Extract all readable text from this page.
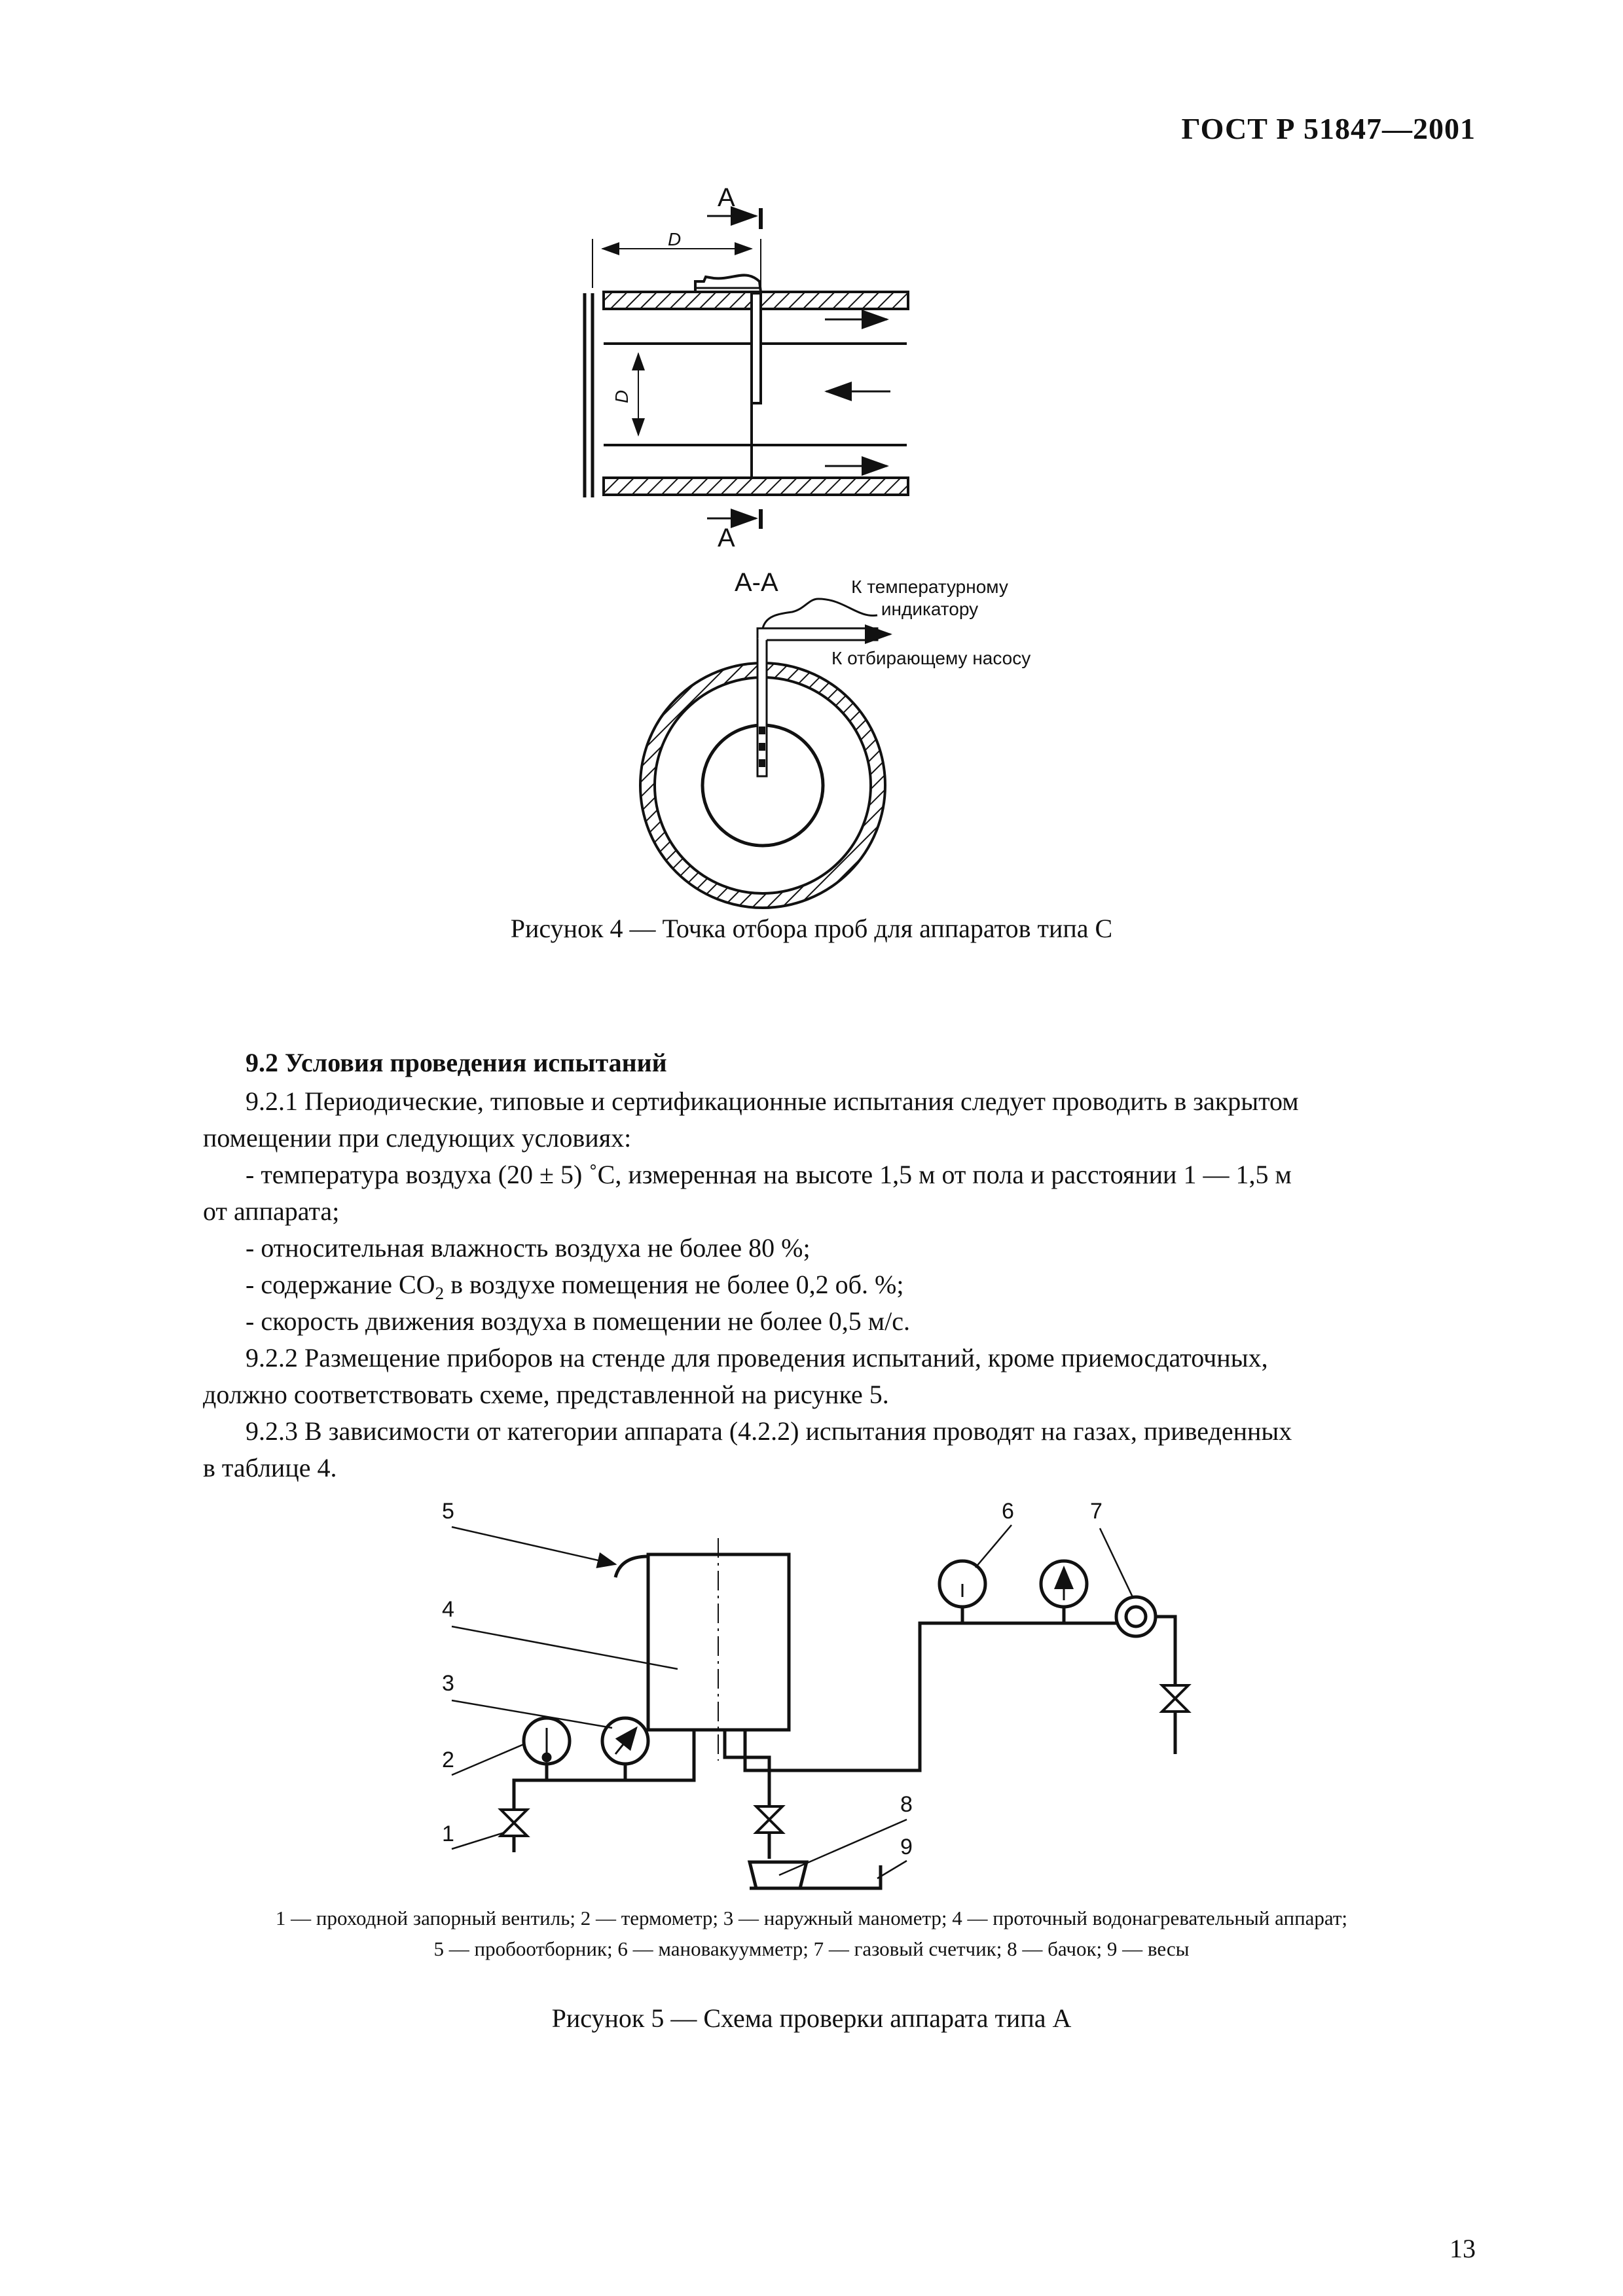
ГОСТ Р 51847—2001
А
А
D
D
А-А	К температурному
индикатору
К отбирающему насосу
Рисунок 4 — Точка отбора проб для аппаратов типа С
9.2 Условия проведения испытаний
9.2.1 Периодические, типовые и сертификационные испытания следует проводить в закрытом
помещении при следующих условиях:
- температура воздуха (20 ± 5) ˚С, измеренная на высоте 1,5 м от пола и расстоянии 1 — 1,5 м
от аппарата;
- относительная влажность воздуха не более 80 %;
- содержание $СО_2$ в воздухе помещения не более 0,2 об. %;
- скорость движения воздуха в помещении не более 0,5 м/с.
9.2.2 Размещение приборов на стенде для проведения испытаний, кроме приемосдаточных,
должно соответствовать схеме, представленной на рисунке 5.
9.2.3 В зависимости от категории аппарата (4.2.2) испытания проводят на газах, приведенных
в таблице 4.
5
4
3
2
1
6	7
8
9
1 — проходной запорный вентиль; 2 — термометр; 3 — наружный манометр; 4 — проточный водонагревательный аппарат;
5 — пробоотборник; 6 — мановакуумметр; 7 — газовый счетчик; 8 — бачок; 9 — весы
Рисунок 5 — Схема проверки аппарата типа А
13
